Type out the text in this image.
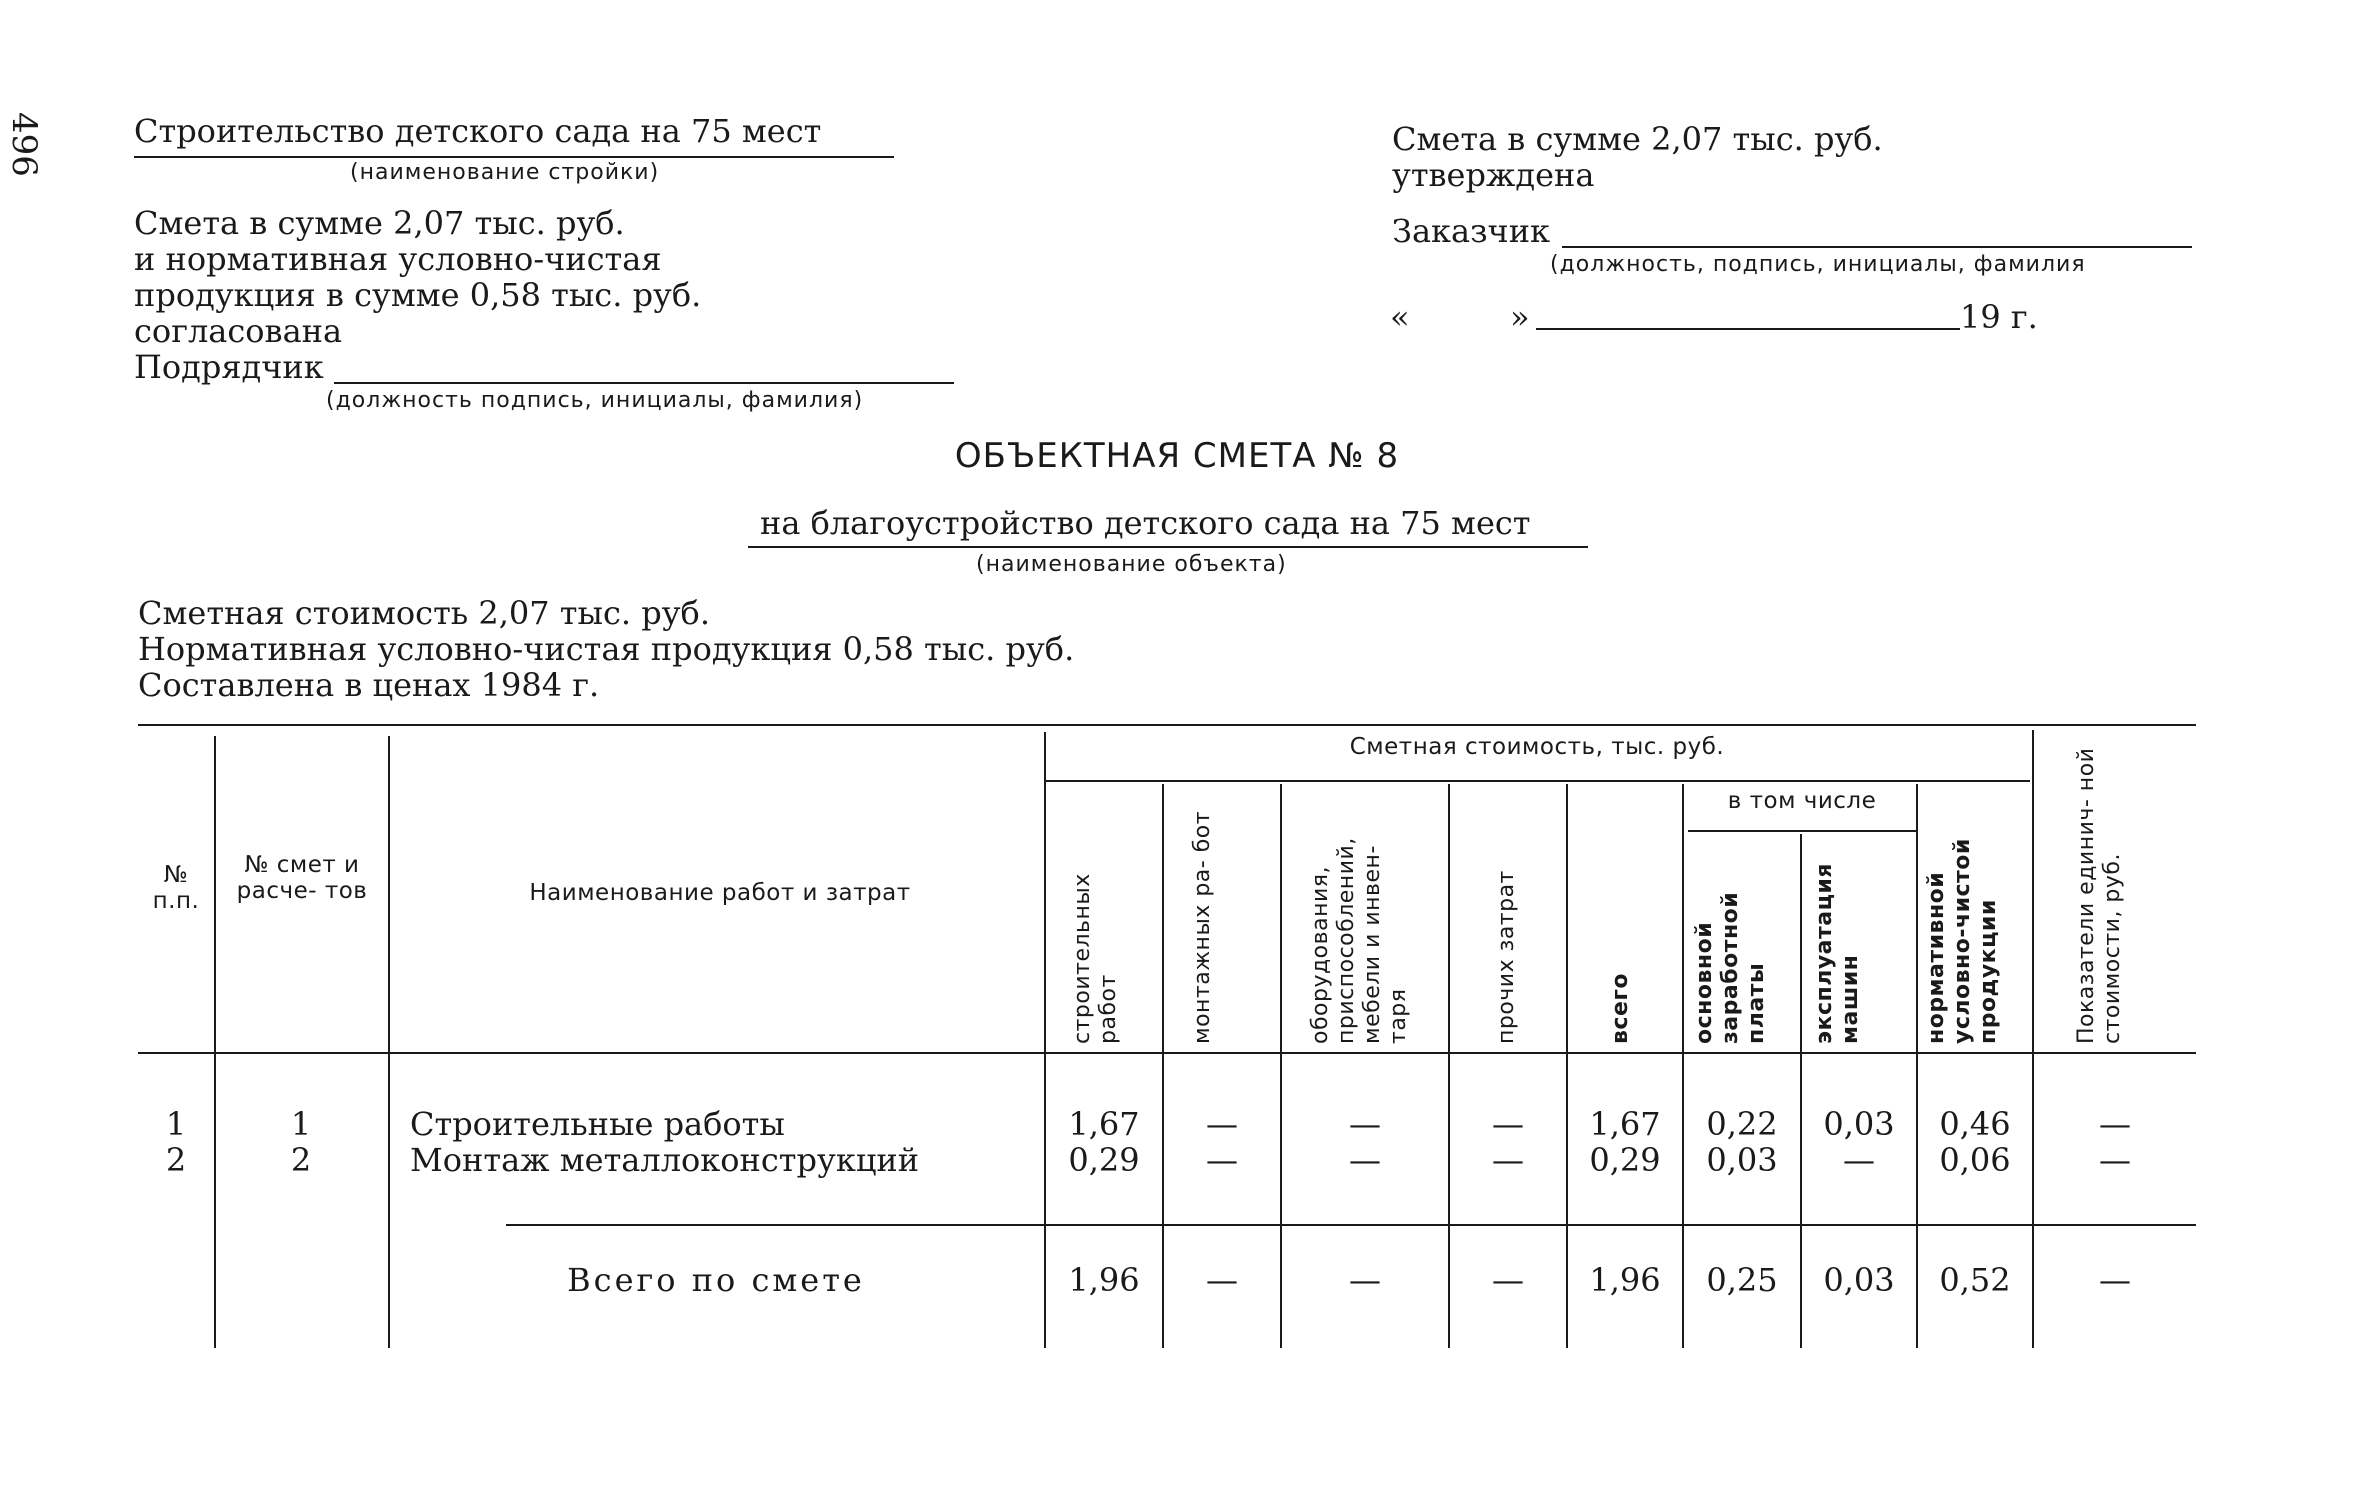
496	Строительство детского сада на 75 мест
(наименование стройки)
Смета в сумме 2,07 тыс. руб.
и нормативная условно-чистая
продукция в сумме 0,58 тыс. руб.
согласована
Подрядчик
(должность подпись, инициалы, фамилия)
Смета в сумме 2,07 тыс. руб.
утверждена
Заказчик
(должность, подпись, инициалы, фамилия
«	»	19 г.
ОБЪЕКТНАЯ СМЕТА № 8
на благоустройство детского сада на 75 мест
(наименование объекта)
Сметная стоимость 2,07 тыс. руб.
Нормативная условно-чистая продукция 0,58 тыс. руб.
Составлена в ценах 1984 г.
№ п.п.
№ смет и расче- тов	Наименование работ и затрат
Сметная стоимость, тыс. руб.
в том числе
строительных работ	монтажных ра- бот	оборудования, приспособлений, мебели и инвен- таря	прочих затрат	всего	основной заработной платы	эксплуатация машин	нормативной условно-чистой продукции	Показатели единич- ной стоимости, руб.
1	1	Строительные работы	1,67	—	—	—	1,67	0,22	0,03	0,46	—
2	2	Монтаж металлоконструкций	0,29	—	—	—	0,29	0,03	—	0,06	—
Всего по смете	1,96	—	—	—	1,96	0,25	0,03	0,52	—
